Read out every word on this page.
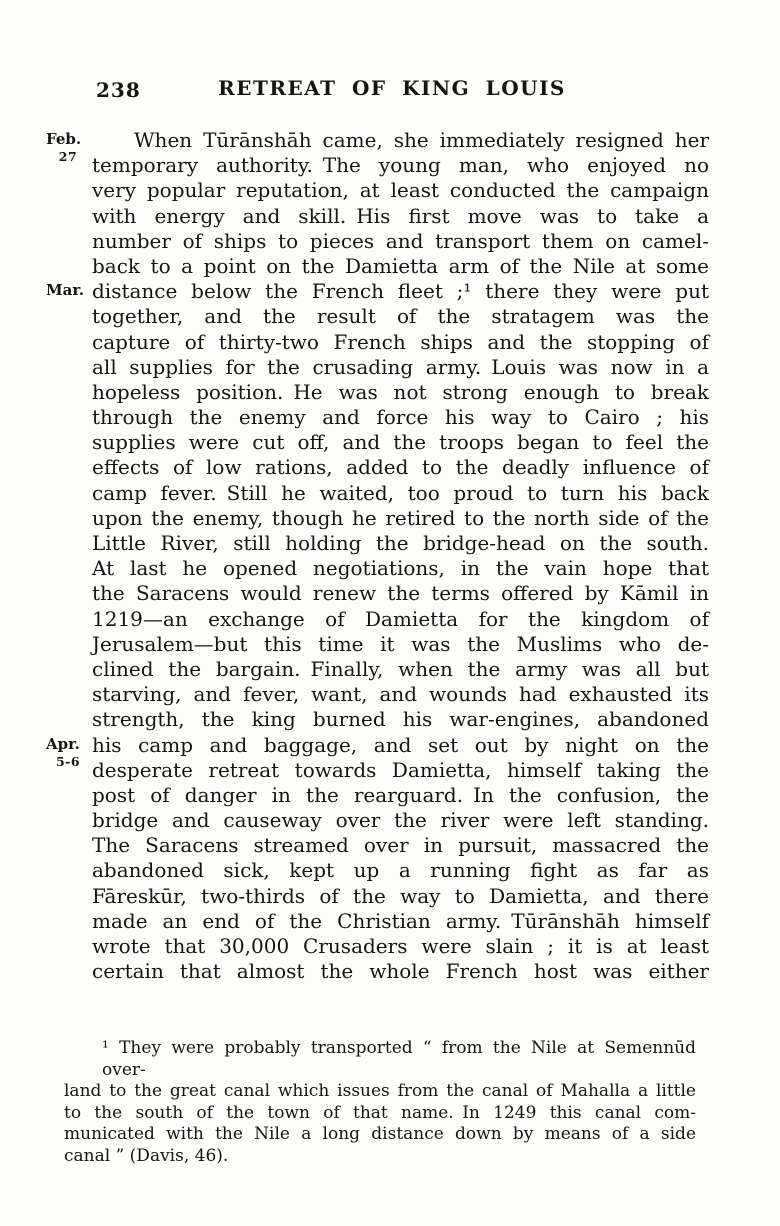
238	RETREAT OF KING LOUIS
Feb.
27
Mar.
Apr.
5-6
When Tūrānshāh came, she immediately resigned her
temporary authority. The young man, who enjoyed no
very popular reputation, at least conducted the campaign
with energy and skill. His first move was to take a
number of ships to pieces and transport them on camel-
back to a point on the Damietta arm of the Nile at some
distance below the French fleet ;¹ there they were put
together, and the result of the stratagem was the
capture of thirty-two French ships and the stopping of
all supplies for the crusading army. Louis was now in a
hopeless position. He was not strong enough to break
through the enemy and force his way to Cairo ; his
supplies were cut off, and the troops began to feel the
effects of low rations, added to the deadly influence of
camp fever. Still he waited, too proud to turn his back
upon the enemy, though he retired to the north side of the
Little River, still holding the bridge-head on the south.
At last he opened negotiations, in the vain hope that
the Saracens would renew the terms offered by Kāmil in
1219—an exchange of Damietta for the kingdom of
Jerusalem—but this time it was the Muslims who de-
clined the bargain. Finally, when the army was all but
starving, and fever, want, and wounds had exhausted its
strength, the king burned his war-engines, abandoned
his camp and baggage, and set out by night on the
desperate retreat towards Damietta, himself taking the
post of danger in the rearguard. In the confusion, the
bridge and causeway over the river were left standing.
The Saracens streamed over in pursuit, massacred the
abandoned sick, kept up a running fight as far as
Fāreskūr, two-thirds of the way to Damietta, and there
made an end of the Christian army. Tūrānshāh himself
wrote that 30,000 Crusaders were slain ; it is at least
certain that almost the whole French host was either
¹ They were probably transported “ from the Nile at Semennūd over-
land to the great canal which issues from the canal of Mahalla a little
to the south of the town of that name. In 1249 this canal com-
municated with the Nile a long distance down by means of a side
canal ” (Davis, 46).
